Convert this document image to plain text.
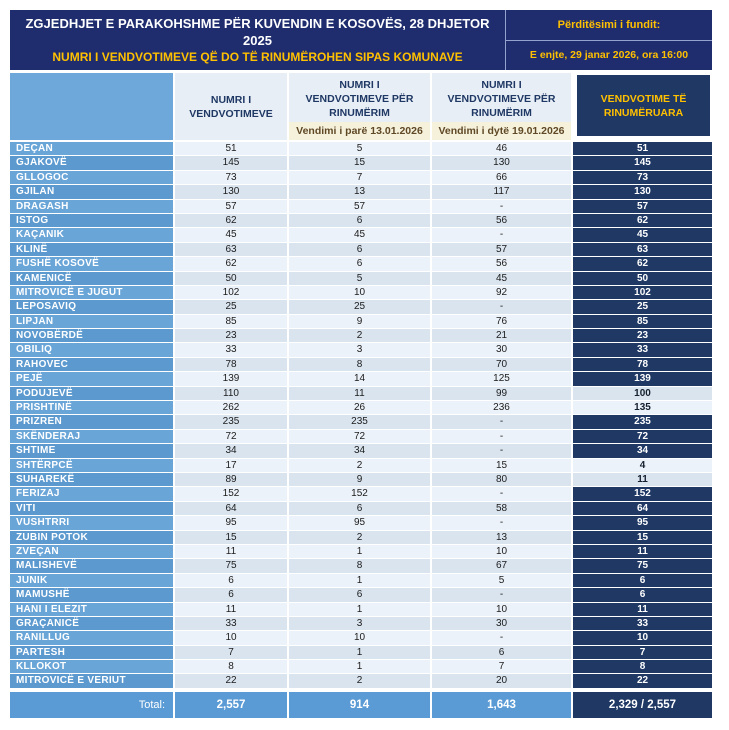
ZGJEDHJET E PARAKOHSHME PËR KUVENDIN E KOSOVËS, 28 DHJETOR 2025
NUMRI I VENDVOTIMEVE QË DO TË RINUMËROHEN SIPAS KOMUNAVE
Përditësimi i fundit:
E enjte, 29 janar 2026, ora 16:00
NUMRI I VENDVOTIMEVE
NUMRI I VENDVOTIMEVE PËR RINUMËRIM
Vendimi i parë 13.01.2026
NUMRI I VENDVOTIMEVE PËR RINUMËRIM
Vendimi i dytë 19.01.2026
VENDVOTIME TË RINUMËRUARA
DEÇAN	51	5	46	51
GJAKOVË	145	15	130	145
GLLOGOC	73	7	66	73
GJILAN	130	13	117	130
DRAGASH	57	57	-	57
ISTOG	62	6	56	62
KAÇANIK	45	45	-	45
KLINË	63	6	57	63
FUSHË KOSOVË	62	6	56	62
KAMENICË	50	5	45	50
MITROVICË E JUGUT	102	10	92	102
LEPOSAVIQ	25	25	-	25
LIPJAN	85	9	76	85
NOVOBËRDË	23	2	21	23
OBILIQ	33	3	30	33
RAHOVEC	78	8	70	78
PEJË	139	14	125	139
PODUJEVË	110	11	99	100
PRISHTINË	262	26	236	135
PRIZREN	235	235	-	235
SKËNDERAJ	72	72	-	72
SHTIME	34	34	-	34
SHTËRPCË	17	2	15	4
SUHAREKË	89	9	80	11
FERIZAJ	152	152	-	152
VITI	64	6	58	64
VUSHTRRI	95	95	-	95
ZUBIN POTOK	15	2	13	15
ZVEÇAN	11	1	10	11
MALISHEVË	75	8	67	75
JUNIK	6	1	5	6
MAMUSHË	6	6	-	6
HANI I ELEZIT	11	1	10	11
GRAÇANICË	33	3	30	33
RANILLUG	10	10	-	10
PARTESH	7	1	6	7
KLLOKOT	8	1	7	8
MITROVICË E VERIUT	22	2	20	22
Total:	2,557	914	1,643	2,329 / 2,557
